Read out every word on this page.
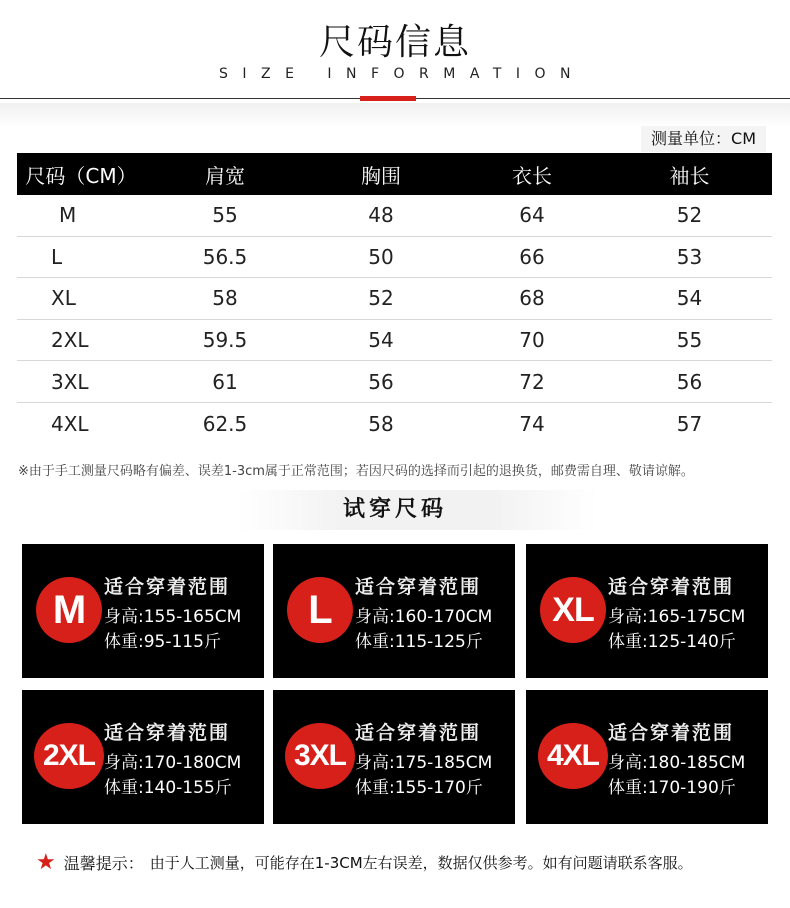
尺码信息
SIZE INFORMATION
测量单位：CM
尺码（CM）	肩宽	胸围	衣长	袖长
M	55	48	64	52
L	56.5	50	66	53
XL	58	52	68	54
2XL	59.5	54	70	55
3XL	61	56	72	56
4XL	62.5	58	74	57
※由于手工测量尺码略有偏差、误差1-3cm属于正常范围；若因尺码的选择而引起的退换货，邮费需自理、敬请谅解。
试穿尺码
M
适合穿着范围
身高:155-165CM
体重:95-115斤
L
适合穿着范围
身高:160-170CM
体重:115-125斤
XL
适合穿着范围
身高:165-175CM
体重:125-140斤
2XL
适合穿着范围
身高:170-180CM
体重:140-155斤
3XL
适合穿着范围
身高:175-185CM
体重:155-170斤
4XL
适合穿着范围
身高:180-185CM
体重:170-190斤
★ 温馨提示： 由于人工测量，可能存在1-3CM左右误差，数据仅供参考。如有问题请联系客服。
